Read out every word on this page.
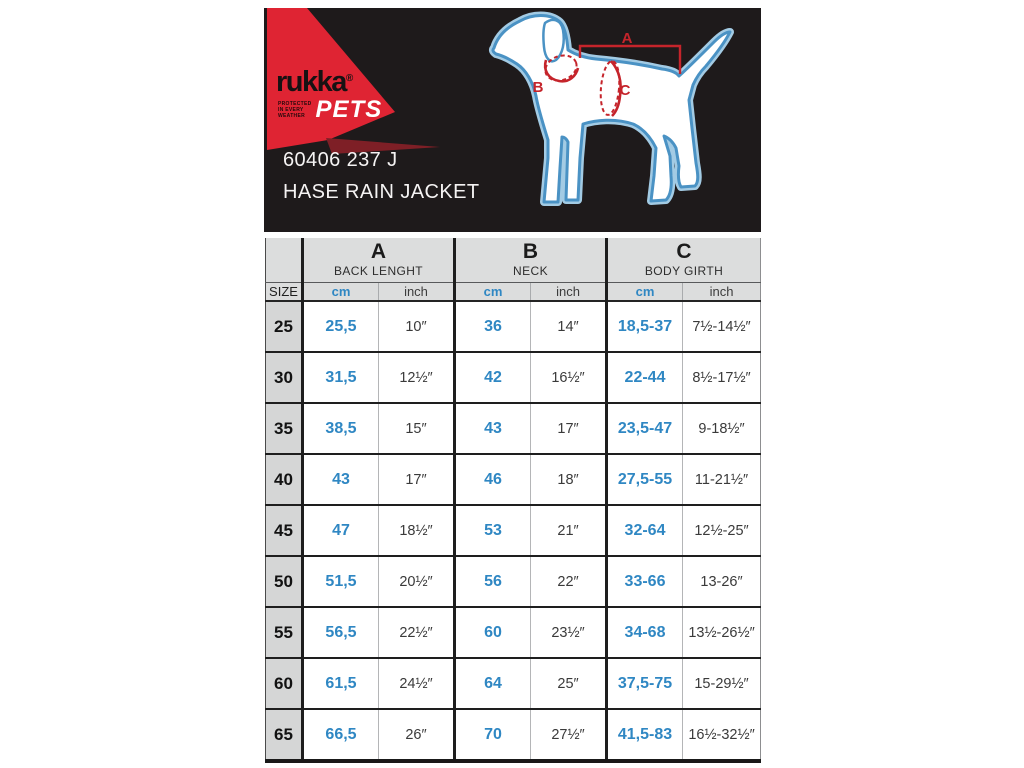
rukka®
PROTECTED
IN EVERY
WEATHER PETS
60406 237 J
HASE RAIN JACKET
A
B	C

A
BACK LENGHT

B
NECK

C
BODY GIRTH

SIZE	cm	inch	cm	inch	cm	inch
25	25,5	10″	36	14″	18,5-37	7½-14½″
30	31,5	12½″	42	16½″	22-44	8½-17½″
35	38,5	15″	43	17″	23,5-47	9-18½″
40	43	17″	46	18″	27,5-55	11-21½″
45	47	18½″	53	21″	32-64	12½-25″
50	51,5	20½″	56	22″	33-66	13-26″
55	56,5	22½″	60	23½″	34-68	13½-26½″
60	61,5	24½″	64	25″	37,5-75	15-29½″
65	66,5	26″	70	27½″	41,5-83	16½-32½″
